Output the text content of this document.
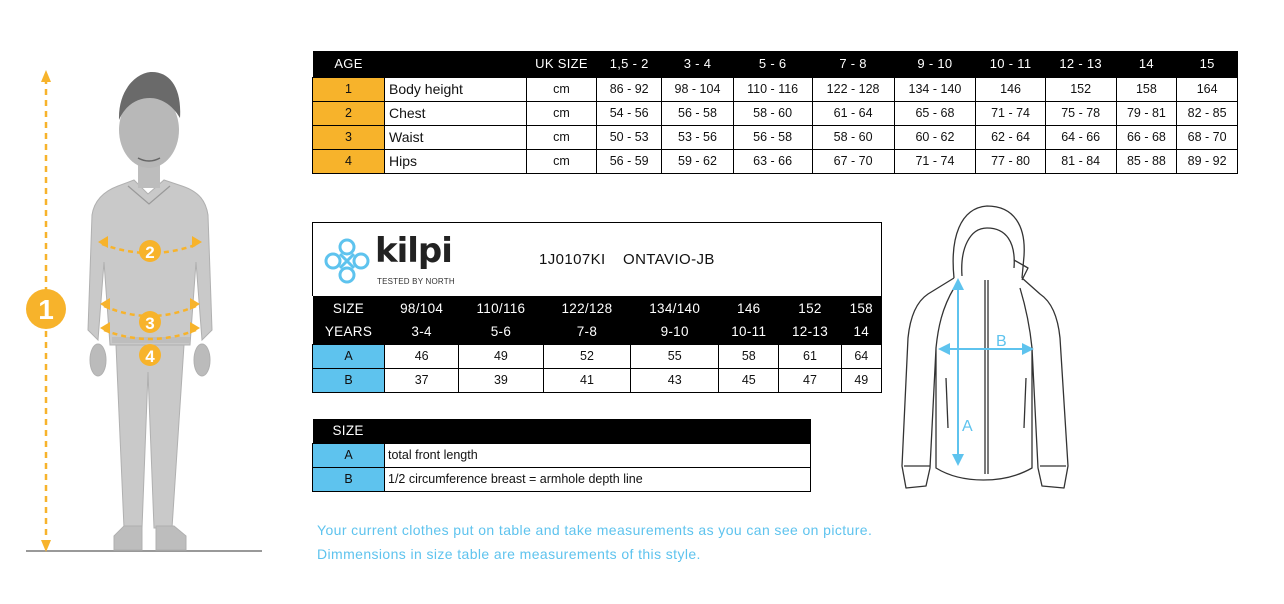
1
2
3
4
AGE		UK SIZE	1,5 - 2	3 - 4	5 - 6	7 - 8	9 - 10	10 - 11	12 - 13	14	15
1	Body height	cm	86 - 92	98 - 104	110 - 116	122 - 128	134 - 140	146	152	158	164
2	Chest	cm	54 - 56	56 - 58	58 - 60	61 - 64	65 - 68	71 - 74	75 - 78	79 - 81	82 - 85
3	Waist	cm	50 - 53	53 - 56	56 - 58	58 - 60	60 - 62	62 - 64	64 - 66	66 - 68	68 - 70
4	Hips	cm	56 - 59	59 - 62	63 - 66	67 - 70	71 - 74	77 - 80	81 - 84	85 - 88	89 - 92
kilpi
TESTED BY NORTH
1J0107KI ONTAVIO-JB
SIZE	98/104	110/116	122/128	134/140	146	152	158
YEARS	3-4	5-6	7-8	9-10	10-11	12-13	14
A	46	49	52	55	58	61	64
B	37	39	41	43	45	47	49
SIZE	
A	total front length
B	1/2 circumference breast = armhole depth line
Your current clothes put on table and take measurements as you can see on picture.
Dimmensions in size table are measurements of this style.
A
B
